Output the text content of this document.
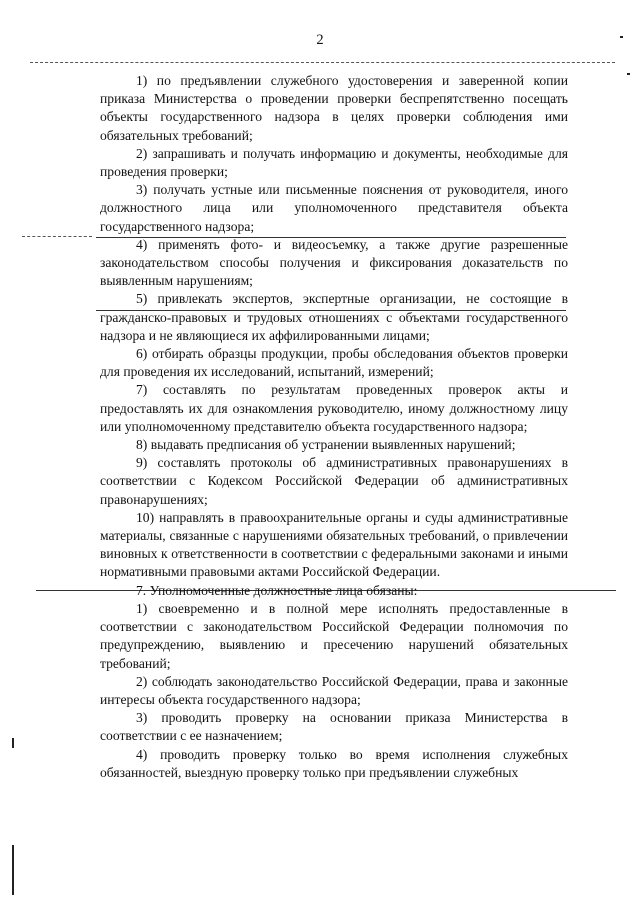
2

1) по предъявлении служебного удостоверения и заверенной копии приказа Министерства о проведении проверки беспрепятственно посещать объекты государственного надзора в целях проверки соблюдения ими обязательных требований;

2) запрашивать и получать информацию и документы, необходимые для проведения проверки;

3) получать устные или письменные пояснения от руководителя, иного должностного лица или уполномоченного представителя объекта государственного надзора;

4) применять фото- и видеосъемку, а также другие разрешенные законодательством способы получения и фиксирования доказательств по выявленным нарушениям;

5) привлекать экспертов, экспертные организации, не состоящие в гражданско-правовых и трудовых отношениях с объектами государственного надзора и не являющиеся их аффилированными лицами;

6) отбирать образцы продукции, пробы обследования объектов проверки для проведения их исследований, испытаний, измерений;

7) составлять по результатам проведенных проверок акты и предоставлять их для ознакомления руководителю, иному должностному лицу или уполномоченному представителю объекта государственного надзора;

8) выдавать предписания об устранении выявленных нарушений;

9) составлять протоколы об административных правонарушениях в соответствии с Кодексом Российской Федерации об административных правонарушениях;

10) направлять в правоохранительные органы и суды административные материалы, связанные с нарушениями обязательных требований, о привлечении виновных к ответственности в соответствии с федеральными законами и иными нормативными правовыми актами Российской Федерации.

7. Уполномоченные должностные лица обязаны:

1) своевременно и в полной мере исполнять предоставленные в соответствии с законодательством Российской Федерации полномочия по предупреждению, выявлению и пресечению нарушений обязательных требований;

2) соблюдать законодательство Российской Федерации, права и законные интересы объекта государственного надзора;

3) проводить проверку на основании приказа Министерства в соответствии с ее назначением;

4) проводить проверку только во время исполнения служебных обязанностей, выездную проверку только при предъявлении служебных
